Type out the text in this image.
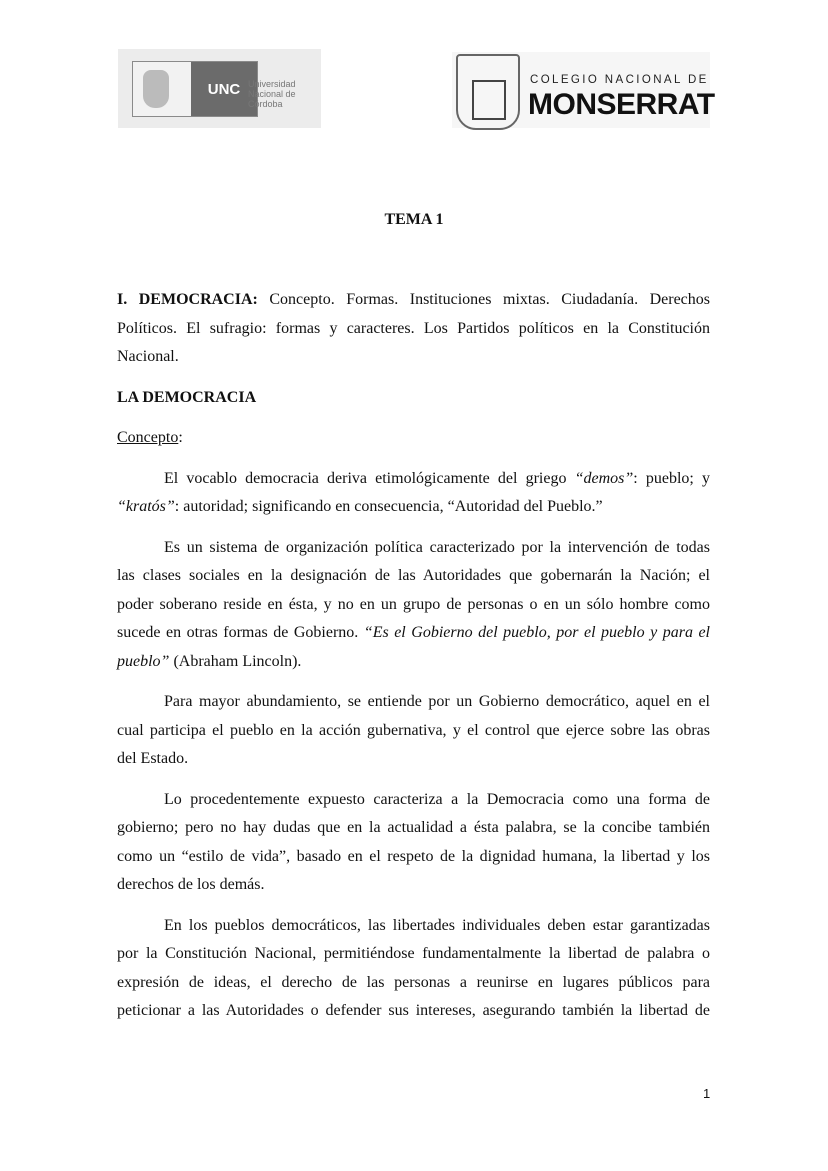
UNC Universidad Nacional de Córdoba
COLEGIO NACIONAL DE
MONSERRAT
TEMA 1
I. DEMOCRACIA: Concepto. Formas. Instituciones mixtas. Ciudadanía. Derechos
Políticos. El sufragio: formas y caracteres. Los Partidos políticos en la Constitución
Nacional.
LA DEMOCRACIA
Concepto:
El vocablo democracia deriva etimológicamente del griego “demos”: pueblo; y
“kratós”: autoridad; significando en consecuencia, “Autoridad del Pueblo.”
Es un sistema de organización política caracterizado por la intervención de todas
las clases sociales en la designación de las Autoridades que gobernarán la Nación; el
poder soberano reside en ésta, y no en un grupo de personas o en un sólo hombre como
sucede en otras formas de Gobierno. “Es el Gobierno del pueblo, por el pueblo y para el
pueblo” (Abraham Lincoln).
Para mayor abundamiento, se entiende por un Gobierno democrático, aquel en el
cual participa el pueblo en la acción gubernativa, y el control que ejerce sobre las obras
del Estado.
Lo procedentemente expuesto caracteriza a la Democracia como una forma de
gobierno; pero no hay dudas que en la actualidad a ésta palabra, se la concibe también
como un “estilo de vida”, basado en el respeto de la dignidad humana, la libertad y los
derechos de los demás.
En los pueblos democráticos, las libertades individuales deben estar garantizadas
por la Constitución Nacional, permitiéndose fundamentalmente la libertad de palabra o
expresión de ideas, el derecho de las personas a reunirse en lugares públicos para
peticionar a las Autoridades o defender sus intereses, asegurando también la libertad de
1
